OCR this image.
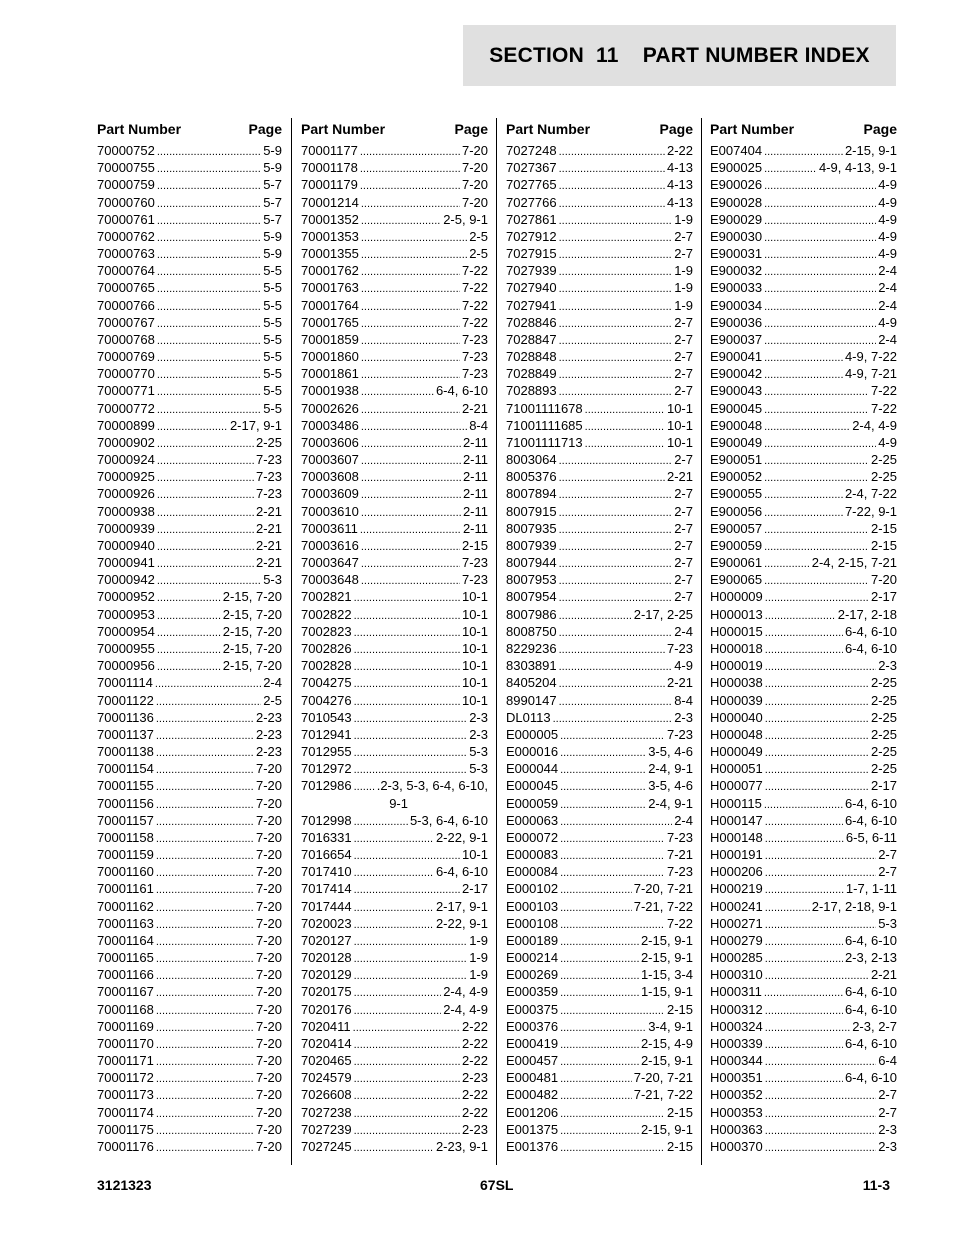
SECTION  11    PART NUMBER INDEX
Part Number	Page
70000752 .....	5-9
70000755 .....	5-9
70000759 .....	5-7
70000760 .....	5-7
70000761 .....	5-7
70000762 .....	5-9
70000763 .....	5-9
70000764 .....	5-5
70000765 .....	5-5
70000766 .....	5-5
70000767 .....	5-5
70000768 .....	5-5
70000769 .....	5-5
70000770 .....	5-5
70000771 .....	5-5
70000772 .....	5-5
70000899 .....	2-17, 9-1
70000902 .....	2-25
70000924 .....	7-23
70000925 .....	7-23
70000926 .....	7-23
70000938 .....	2-21
70000939 .....	2-21
70000940 .....	2-21
70000941 .....	2-21
70000942 .....	5-3
70000952 .....	2-15, 7-20
70000953 .....	2-15, 7-20
70000954 .....	2-15, 7-20
70000955 .....	2-15, 7-20
70000956 .....	2-15, 7-20
70001114 .....	2-4
70001122 .....	2-5
70001136 .....	2-23
70001137 .....	2-23
70001138 .....	2-23
70001154 .....	7-20
70001155 .....	7-20
70001156 .....	7-20
70001157 .....	7-20
70001158 .....	7-20
70001159 .....	7-20
70001160 .....	7-20
70001161 .....	7-20
70001162 .....	7-20
70001163 .....	7-20
70001164 .....	7-20
70001165 .....	7-20
70001166 .....	7-20
70001167 .....	7-20
70001168 .....	7-20
70001169 .....	7-20
70001170 .....	7-20
70001171 .....	7-20
70001172 .....	7-20
70001173 .....	7-20
70001174 .....	7-20
70001175 .....	7-20
70001176 .....	7-20
Part Number	Page
70001177 .....	7-20
70001178 .....	7-20
70001179 .....	7-20
70001214 .....	7-20
70001352 .....	2-5, 9-1
70001353 .....	2-5
70001355 .....	2-5
70001762 .....	7-22
70001763 .....	7-22
70001764 .....	7-22
70001765 .....	7-22
70001859 .....	7-23
70001860 .....	7-23
70001861 .....	7-23
70001938 .....	6-4, 6-10
70002626 .....	2-21
70003486 .....	8-4
70003606 .....	2-11
70003607 .....	2-11
70003608 .....	2-11
70003609 .....	2-11
70003610 .....	2-11
70003611 .....	2-11
70003616 .....	2-15
70003647 .....	7-23
70003648 .....	7-23
7002821 .....	10-1
7002822 .....	10-1
7002823 .....	10-1
7002826 .....	10-1
7002828 .....	10-1
7004275 .....	10-1
7004276 .....	10-1
7010543 .....	2-3
7012941 .....	2-3
7012955 .....	5-3
7012972 .....	5-3
7012986 ..... .2-3, 5-3, 6-4, 6-10,
9-1
7012998 .....	5-3, 6-4, 6-10
7016331 .....	2-22, 9-1
7016654 .....	10-1
7017410 .....	6-4, 6-10
7017414 .....	2-17
7017444 .....	2-17, 9-1
7020023 .....	2-22, 9-1
7020127 .....	1-9
7020128 .....	1-9
7020129 .....	1-9
7020175 .....	2-4, 4-9
7020176 .....	2-4, 4-9
7020411 .....	2-22
7020414 .....	2-22
7020465 .....	2-22
7024579 .....	2-23
7026608 .....	2-22
7027238 .....	2-22
7027239 .....	2-23
7027245 .....	2-23, 9-1
Part Number	Page
7027248 .....	2-22
7027367 .....	4-13
7027765 .....	4-13
7027766 .....	4-13
7027861 .....	1-9
7027912 .....	2-7
7027915 .....	2-7
7027939 .....	1-9
7027940 .....	1-9
7027941 .....	1-9
7028846 .....	2-7
7028847 .....	2-7
7028848 .....	2-7
7028849 .....	2-7
7028893 .....	2-7
71001111678 .....	10-1
71001111685 .....	10-1
71001111713 .....	10-1
8003064 .....	2-7
8005376 .....	2-21
8007894 .....	2-7
8007915 .....	2-7
8007935 .....	2-7
8007939 .....	2-7
8007944 .....	2-7
8007953 .....	2-7
8007954 .....	2-7
8007986 .....	2-17, 2-25
8008750 .....	2-4
8229236 .....	7-23
8303891 .....	4-9
8405204 .....	2-21
8990147 .....	8-4
DL0113 .....	2-3
E000005 .....	7-23
E000016 .....	3-5, 4-6
E000044 .....	2-4, 9-1
E000045 .....	3-5, 4-6
E000059 .....	2-4, 9-1
E000063 .....	2-4
E000072 .....	7-23
E000083 .....	7-21
E000084 .....	7-23
E000102 .....	7-20, 7-21
E000103 .....	7-21, 7-22
E000108 .....	7-22
E000189 .....	2-15, 9-1
E000214 .....	2-15, 9-1
E000269 .....	1-15, 3-4
E000359 .....	1-15, 9-1
E000375 .....	2-15
E000376 .....	3-4, 9-1
E000419 .....	2-15, 4-9
E000457 .....	2-15, 9-1
E000481 .....	7-20, 7-21
E000482 .....	7-21, 7-22
E001206 .....	2-15
E001375 .....	2-15, 9-1
E001376 .....	2-15
Part Number	Page
E007404 .....	2-15, 9-1
E900025 .....	4-9, 4-13, 9-1
E900026 .....	4-9
E900028 .....	4-9
E900029 .....	4-9
E900030 .....	4-9
E900031 .....	4-9
E900032 .....	2-4
E900033 .....	2-4
E900034 .....	2-4
E900036 .....	4-9
E900037 .....	2-4
E900041 .....	4-9, 7-22
E900042 .....	4-9, 7-21
E900043 .....	7-22
E900045 .....	7-22
E900048 .....	2-4, 4-9
E900049 .....	4-9
E900051 .....	2-25
E900052 .....	2-25
E900055 .....	2-4, 7-22
E900056 .....	7-22, 9-1
E900057 .....	2-15
E900059 .....	2-15
E900061 .....	2-4, 2-15, 7-21
E900065 .....	7-20
H000009 .....	2-17
H000013 .....	2-17, 2-18
H000015 .....	6-4, 6-10
H000018 .....	6-4, 6-10
H000019 .....	2-3
H000038 .....	2-25
H000039 .....	2-25
H000040 .....	2-25
H000048 .....	2-25
H000049 .....	2-25
H000051 .....	2-25
H000077 .....	2-17
H000115 .....	6-4, 6-10
H000147 .....	6-4, 6-10
H000148 .....	6-5, 6-11
H000191 .....	2-7
H000206 .....	2-7
H000219 .....	1-7, 1-11
H000241 .....	2-17, 2-18, 9-1
H000271 .....	5-3
H000279 .....	6-4, 6-10
H000285 .....	2-3, 2-13
H000310 .....	2-21
H000311 .....	6-4, 6-10
H000312 .....	6-4, 6-10
H000324 .....	2-3, 2-7
H000339 .....	6-4, 6-10
H000344 .....	6-4
H000351 .....	6-4, 6-10
H000352 .....	2-7
H000353 .....	2-7
H000363 .....	2-3
H000370 .....	2-3
3121323	67SL	11-3
